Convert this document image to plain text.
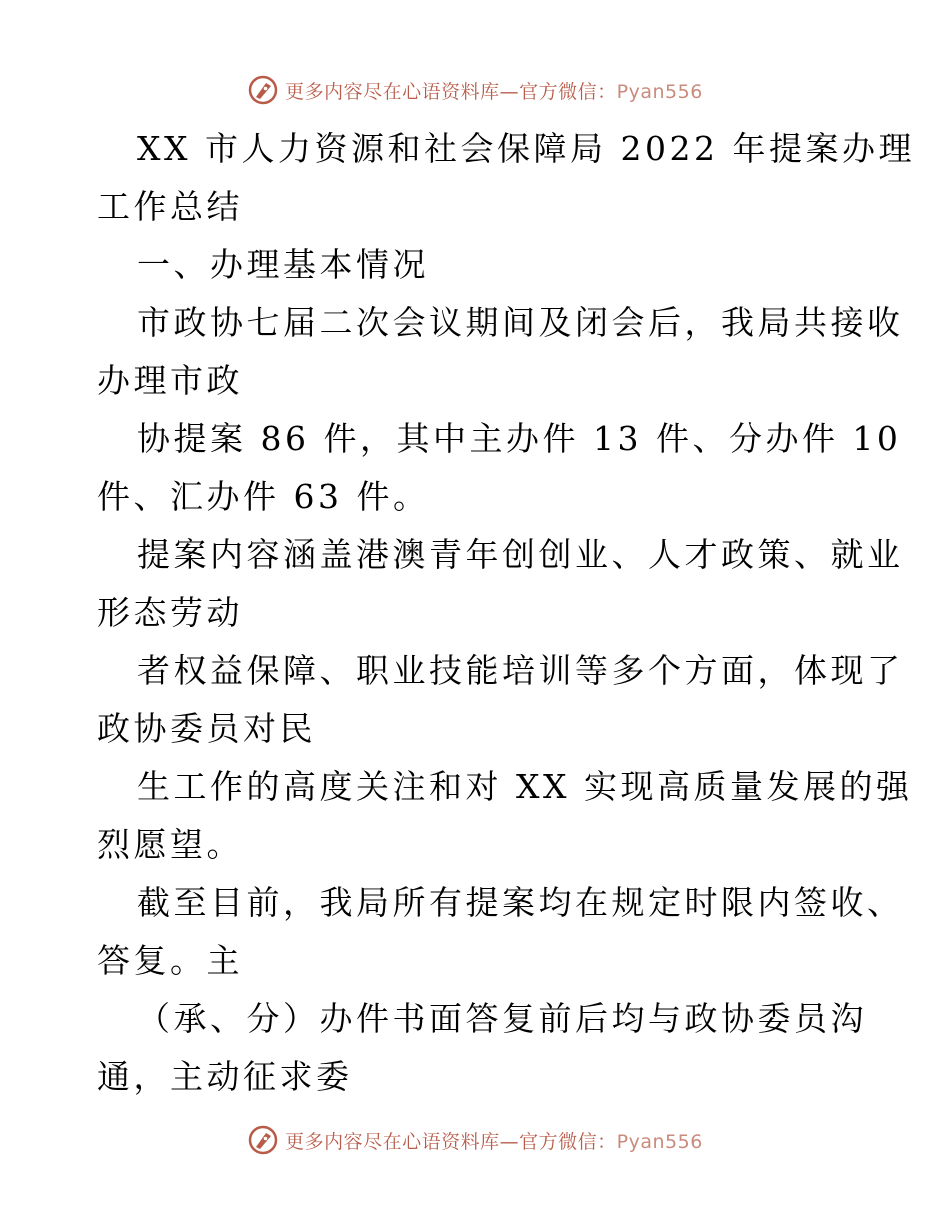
更多内容尽在心语资料库—官方微信：Pyan556
XX 市人力资源和社会保障局 2022 年提案办理
工作总结
一、办理基本情况
市政协七届二次会议期间及闭会后，我局共接收
办理市政
协提案 86 件，其中主办件 13 件、分办件 10
件、汇办件 63 件。
提案内容涵盖港澳青年创创业、人才政策、就业
形态劳动
者权益保障、职业技能培训等多个方面，体现了
政协委员对民
生工作的高度关注和对 XX 实现高质量发展的强
烈愿望。
截至目前，我局所有提案均在规定时限内签收、
答复。主
（承、分）办件书面答复前后均与政协委员沟
通，主动征求委
更多内容尽在心语资料库—官方微信：Pyan556
